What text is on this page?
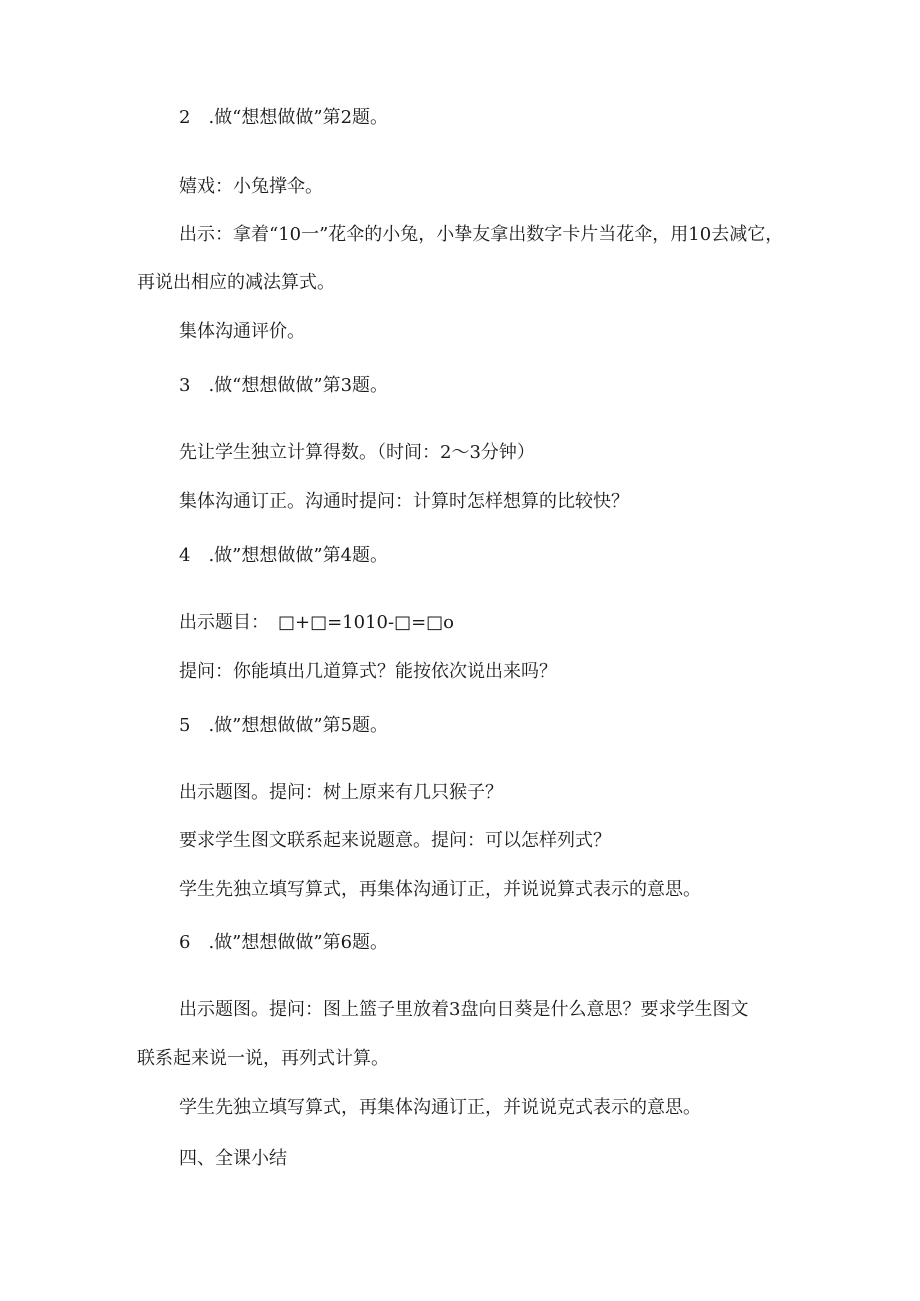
2　.做“想想做做”第2题。
嬉戏：小兔撑伞。
出示：拿着“10一”花伞的小兔，小挚友拿出数字卡片当花伞，用10去减它，
再说出相应的减法算式。
集体沟通评价。
3　.做“想想做做”第3题。
先让学生独立计算得数。（时间：2〜3分钟）
集体沟通订正。沟通时提问：计算时怎样想算的比较快？
4　.做”想想做做”第4题。
出示题目：　□+□=1010-□=□o
提问：你能填出几道算式？能按依次说出来吗？
5　.做”想想做做”第5题。
出示题图。提问：树上原来有几只猴子？
要求学生图文联系起来说题意。提问：可以怎样列式？
学生先独立填写算式，再集体沟通订正，并说说算式表示的意思。
6　.做”想想做做”第6题。
出示题图。提问：图上篮子里放着3盘向日葵是什么意思？要求学生图文
联系起来说一说，再列式计算。
学生先独立填写算式，再集体沟通订正，并说说克式表示的意思。
四、全课小结
